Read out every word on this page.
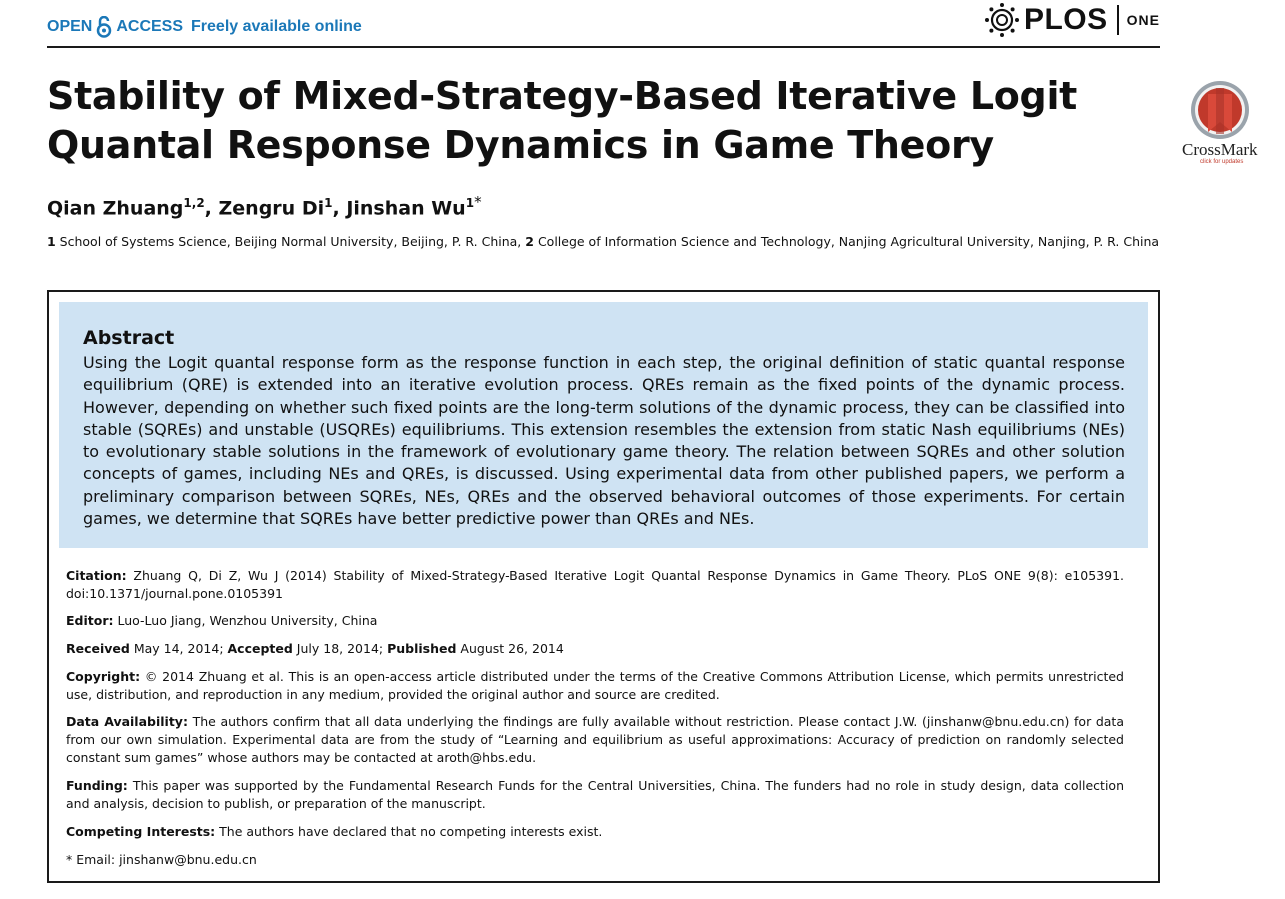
OPEN ACCESS Freely available online	PLOS ONE
CrossMark
click for updates
Stability of Mixed-Strategy-Based Iterative Logit Quantal Response Dynamics in Game Theory
Qian Zhuang$^{1,2}$, Zengru Di$^1$, Jinshan $Wu^{1*}$
1 School of Systems Science, Beijing Normal University, Beijing, P. R. China, 2 College of Information Science and Technology, Nanjing Agricultural University, Nanjing, P. R. China
Abstract
Using the Logit quantal response form as the response function in each step, the original definition of static quantal response equilibrium (QRE) is extended into an iterative evolution process. QREs remain as the fixed points of the dynamic process. However, depending on whether such fixed points are the long-term solutions of the dynamic process, they can be classified into stable (SQREs) and unstable (USQREs) equilibriums. This extension resembles the extension from static Nash equilibriums (NEs) to evolutionary stable solutions in the framework of evolutionary game theory. The relation between SQREs and other solution concepts of games, including NEs and QREs, is discussed. Using experimental data from other published papers, we perform a preliminary comparison between SQREs, NEs, QREs and the observed behavioral outcomes of those experiments. For certain games, we determine that SQREs have better predictive power than QREs and NEs.
Citation: Zhuang Q, Di Z, Wu J (2014) Stability of Mixed-Strategy-Based Iterative Logit Quantal Response Dynamics in Game Theory. PLoS ONE 9(8): e105391. doi:10.1371/journal.pone.0105391
Editor: Luo-Luo Jiang, Wenzhou University, China
Received May 14, 2014; Accepted July 18, 2014; Published August 26, 2014
Copyright: © 2014 Zhuang et al. This is an open-access article distributed under the terms of the Creative Commons Attribution License, which permits unrestricted use, distribution, and reproduction in any medium, provided the original author and source are credited.
Data Availability: The authors confirm that all data underlying the findings are fully available without restriction. Please contact J.W. (jinshanw@bnu.edu.cn) for data from our own simulation. Experimental data are from the study of “Learning and equilibrium as useful approximations: Accuracy of prediction on randomly selected constant sum games” whose authors may be contacted at aroth@hbs.edu.
Funding: This paper was supported by the Fundamental Research Funds for the Central Universities, China. The funders had no role in study design, data collection and analysis, decision to publish, or preparation of the manuscript.
Competing Interests: The authors have declared that no competing interests exist.
* Email: jinshanw@bnu.edu.cn
